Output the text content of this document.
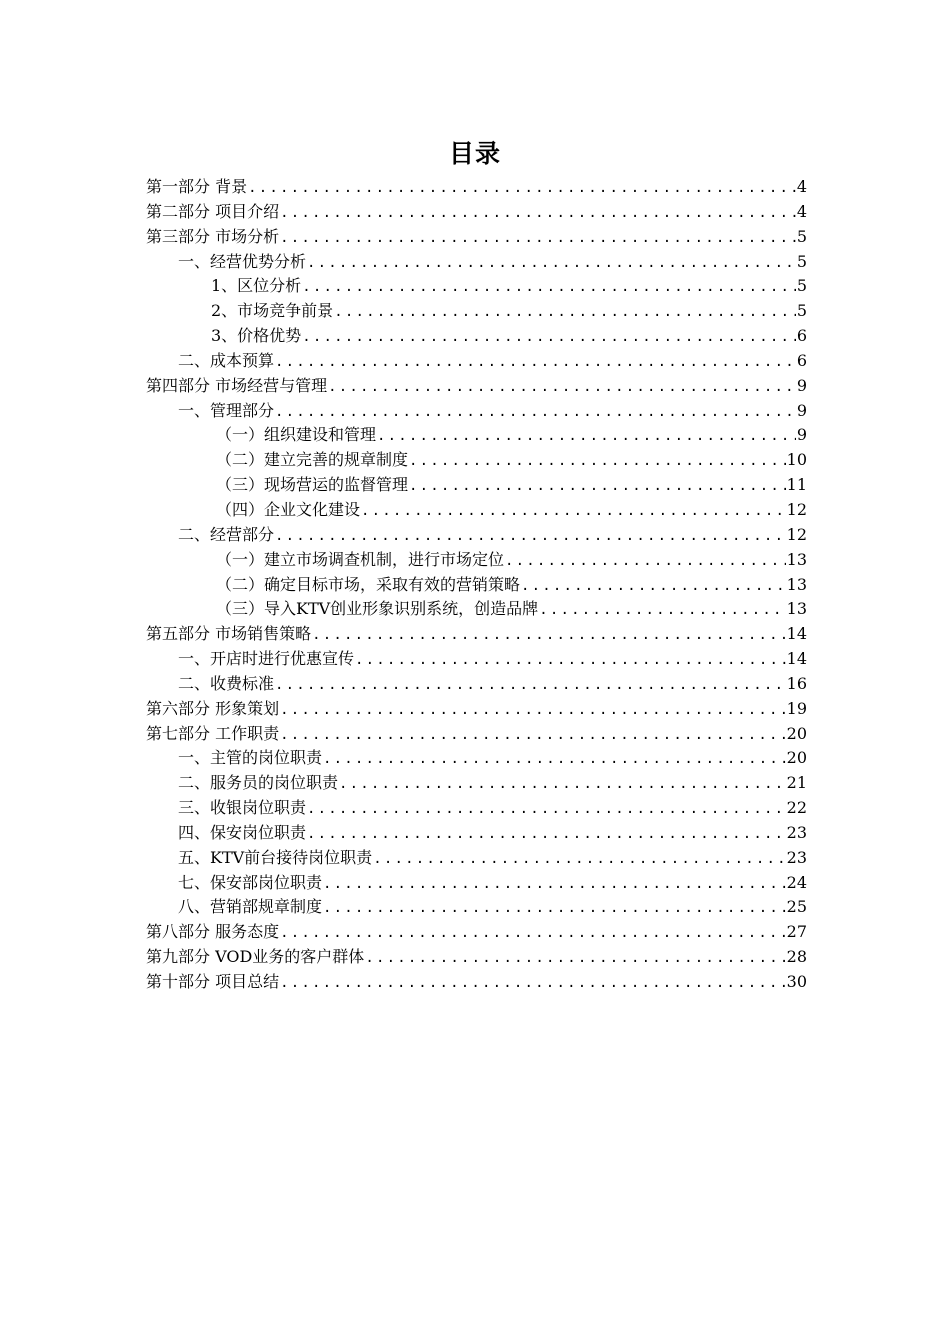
目录
第一部分 背景 .....	4
第二部分 项目介绍 .....	4
第三部分 市场分析 .....	5
一、经营优势分析 .....	5
1、区位分析 .....	5
2、市场竞争前景 .....	5
3、价格优势 .....	6
二、成本预算 .....	6
第四部分 市场经营与管理 .....	9
一、管理部分 .....	9
（一）组织建设和管理 .....	9
（二）建立完善的规章制度 .....	10
（三）现场营运的监督管理 .....	11
（四）企业文化建设 .....	12
二、经营部分 .....	12
（一）建立市场调查机制，进行市场定位 .....	13
（二）确定目标市场，采取有效的营销策略 .....	13
（三）导入KTV创业形象识别系统，创造品牌 .....	13
第五部分 市场销售策略 .....	14
一、开店时进行优惠宣传 .....	14
二、收费标准 .....	16
第六部分 形象策划 .....	19
第七部分 工作职责 .....	20
一、主管的岗位职责 .....	20
二、服务员的岗位职责 .....	21
三、收银岗位职责 .....	22
四、保安岗位职责 .....	23
五、KTV前台接待岗位职责 .....	23
七、保安部岗位职责 .....	24
八、营销部规章制度 .....	25
第八部分 服务态度 .....	27
第九部分 VOD业务的客户群体 .....	28
第十部分 项目总结 .....	30
